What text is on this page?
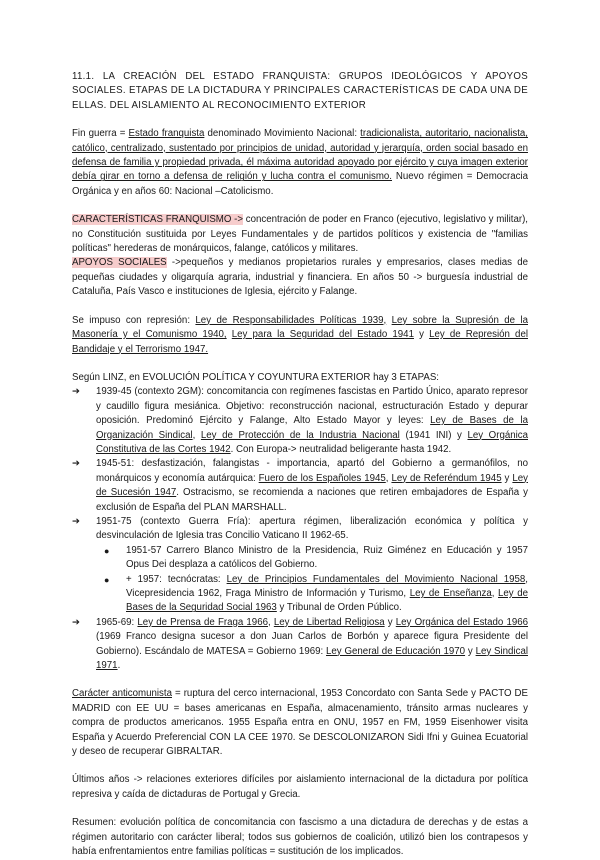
11.1. LA CREACIÓN DEL ESTADO FRANQUISTA: GRUPOS IDEOLÓGICOS Y APOYOS SOCIALES. ETAPAS DE LA DICTADURA Y PRINCIPALES CARACTERÍSTICAS DE CADA UNA DE ELLAS. DEL AISLAMIENTO AL RECONOCIMIENTO EXTERIOR

Fin guerra = Estado franquista denominado Movimiento Nacional: tradicionalista, autoritario, nacionalista, católico, centralizado, sustentado por principios de unidad, autoridad y jerarquía, orden social basado en defensa de familia y propiedad privada, él máxima autoridad apoyado por ejército y cuya imagen exterior debía girar en torno a defensa de religión y lucha contra el comunismo. Nuevo régimen = Democracia Orgánica y en años 60: Nacional –Catolicismo.

CARACTERÍSTICAS FRANQUISMO -> concentración de poder en Franco (ejecutivo, legislativo y militar), no Constitución sustituida por Leyes Fundamentales y de partidos políticos y existencia de "familias políticas" herederas de monárquicos, falange, católicos y militares.

APOYOS SOCIALES ->pequeños y medianos propietarios rurales y empresarios, clases medias de pequeñas ciudades y oligarquía agraria, industrial y financiera. En años 50 -> burguesía industrial de Cataluña, País Vasco e instituciones de Iglesia, ejército y Falange.

Se impuso con represión: Ley de Responsabilidades Políticas 1939, Ley sobre la Supresión de la Masonería y el Comunismo 1940, Ley para la Seguridad del Estado 1941 y Ley de Represión del Bandidaje y el Terrorismo 1947.

Según LINZ, en EVOLUCIÓN POLÍTICA Y COYUNTURA EXTERIOR hay 3 ETAPAS:

➔ 1939-45 (contexto 2GM): concomitancia con regímenes fascistas en Partido Único, aparato represor y caudillo figura mesiánica. Objetivo: reconstrucción nacional, estructuración Estado y depurar oposición. Predominó Ejército y Falange, Alto Estado Mayor y leyes: Ley de Bases de la Organización Sindical, Ley de Protección de la Industria Nacional (1941 INI) y Ley Orgánica Constitutiva de las Cortes 1942. Con Europa-> neutralidad beligerante hasta 1942.
➔ 1945-51: desfastización, falangistas - importancia, apartó del Gobierno a germanófilos, no monárquicos y economía autárquica: Fuero de los Españoles 1945, Ley de Referéndum 1945 y Ley de Sucesión 1947. Ostracismo, se recomienda a naciones que retiren embajadores de España y exclusión de España del PLAN MARSHALL.
➔ 1951-75 (contexto Guerra Fría): apertura régimen, liberalización económica y política y desvinculación de Iglesia tras Concilio Vaticano II 1962-65.
● 1951-57 Carrero Blanco Ministro de la Presidencia, Ruiz Giménez en Educación y 1957 Opus Dei desplaza a católicos del Gobierno.
● + 1957: tecnócratas: Ley de Principios Fundamentales del Movimiento Nacional 1958, Vicepresidencia 1962, Fraga Ministro de Información y Turismo, Ley de Enseñanza, Ley de Bases de la Seguridad Social 1963 y Tribunal de Orden Público.
➔ 1965-69: Ley de Prensa de Fraga 1966, Ley de Libertad Religiosa y Ley Orgánica del Estado 1966 (1969 Franco designa sucesor a don Juan Carlos de Borbón y aparece figura Presidente del Gobierno). Escándalo de MATESA = Gobierno 1969: Ley General de Educación 1970 y Ley Sindical 1971.

Carácter anticomunista = ruptura del cerco internacional, 1953 Concordato con Santa Sede y PACTO DE MADRID con EE UU = bases americanas en España, almacenamiento, tránsito armas nucleares y compra de productos americanos. 1955 España entra en ONU, 1957 en FM, 1959 Eisenhower visita España y Acuerdo Preferencial CON LA CEE 1970. Se DESCOLONIZARON Sidi Ifni y Guinea Ecuatorial y deseo de recuperar GIBRALTAR.

Últimos años -> relaciones exteriores difíciles por aislamiento internacional de la dictadura por política represiva y caída de dictaduras de Portugal y Grecia.

Resumen: evolución política de concomitancia con fascismo a una dictadura de derechas y de estas a régimen autoritario con carácter liberal; todos sus gobiernos de coalición, utilizó bien los contrapesos y había enfrentamientos entre familias políticas = sustitución de los implicados.
